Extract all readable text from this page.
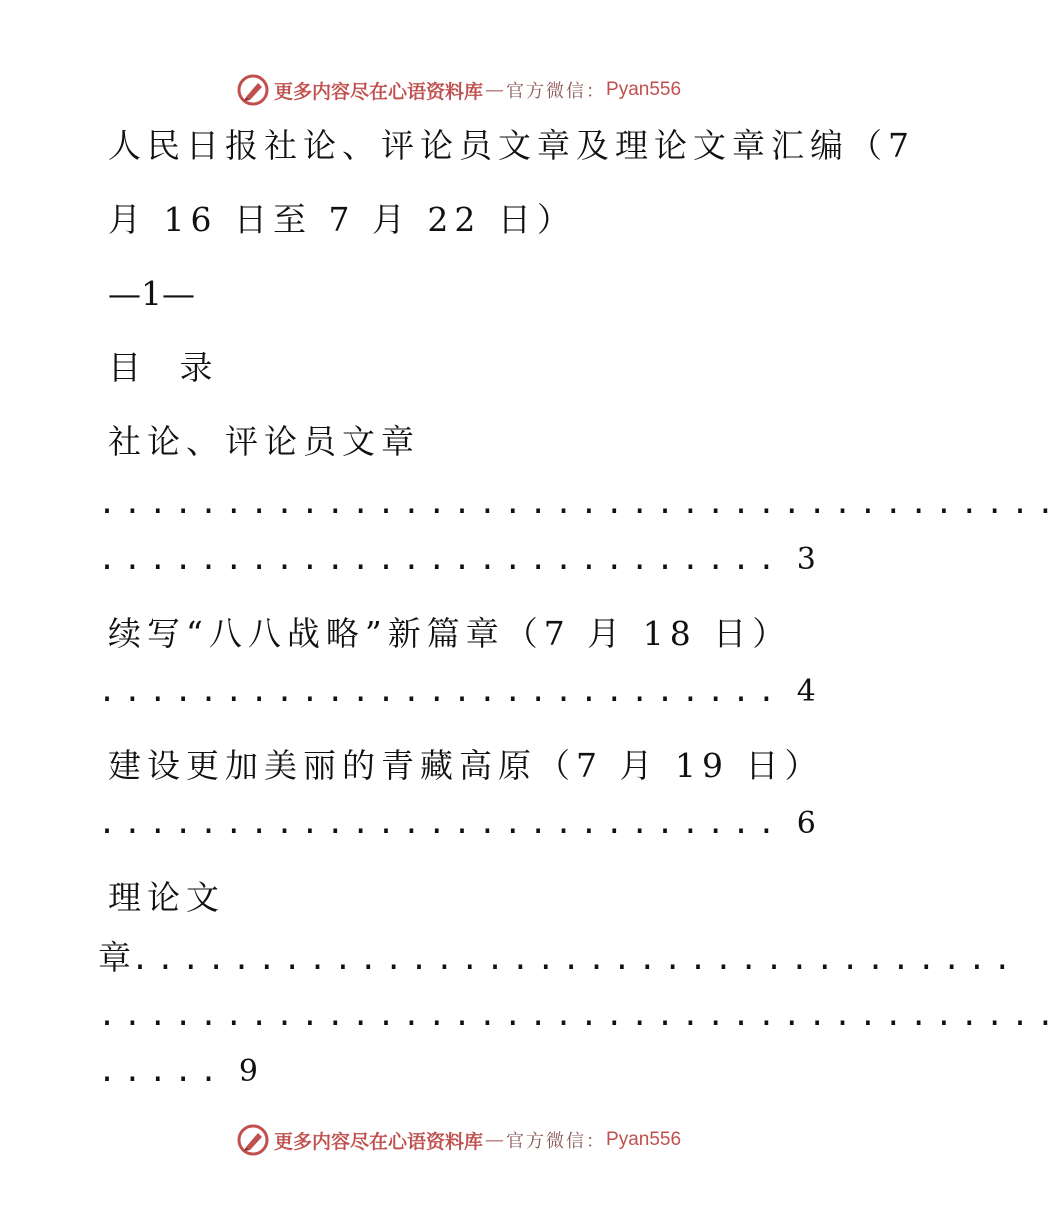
更多内容尽在心语资料库 — 官方微信： Pyan556
人民日报社论、评论员文章及理论文章汇编（7
月 16 日至 7 月 22 日）
—1—
目 录
社论、评论员文章
......................................
........................... 3
续写“八八战略”新篇章（7 月 18 日）
........................... 4
建设更加美丽的青藏高原（7 月 19 日）
........................... 6
理论文
章...................................
......................................
..... 9
更多内容尽在心语资料库 — 官方微信： Pyan556
